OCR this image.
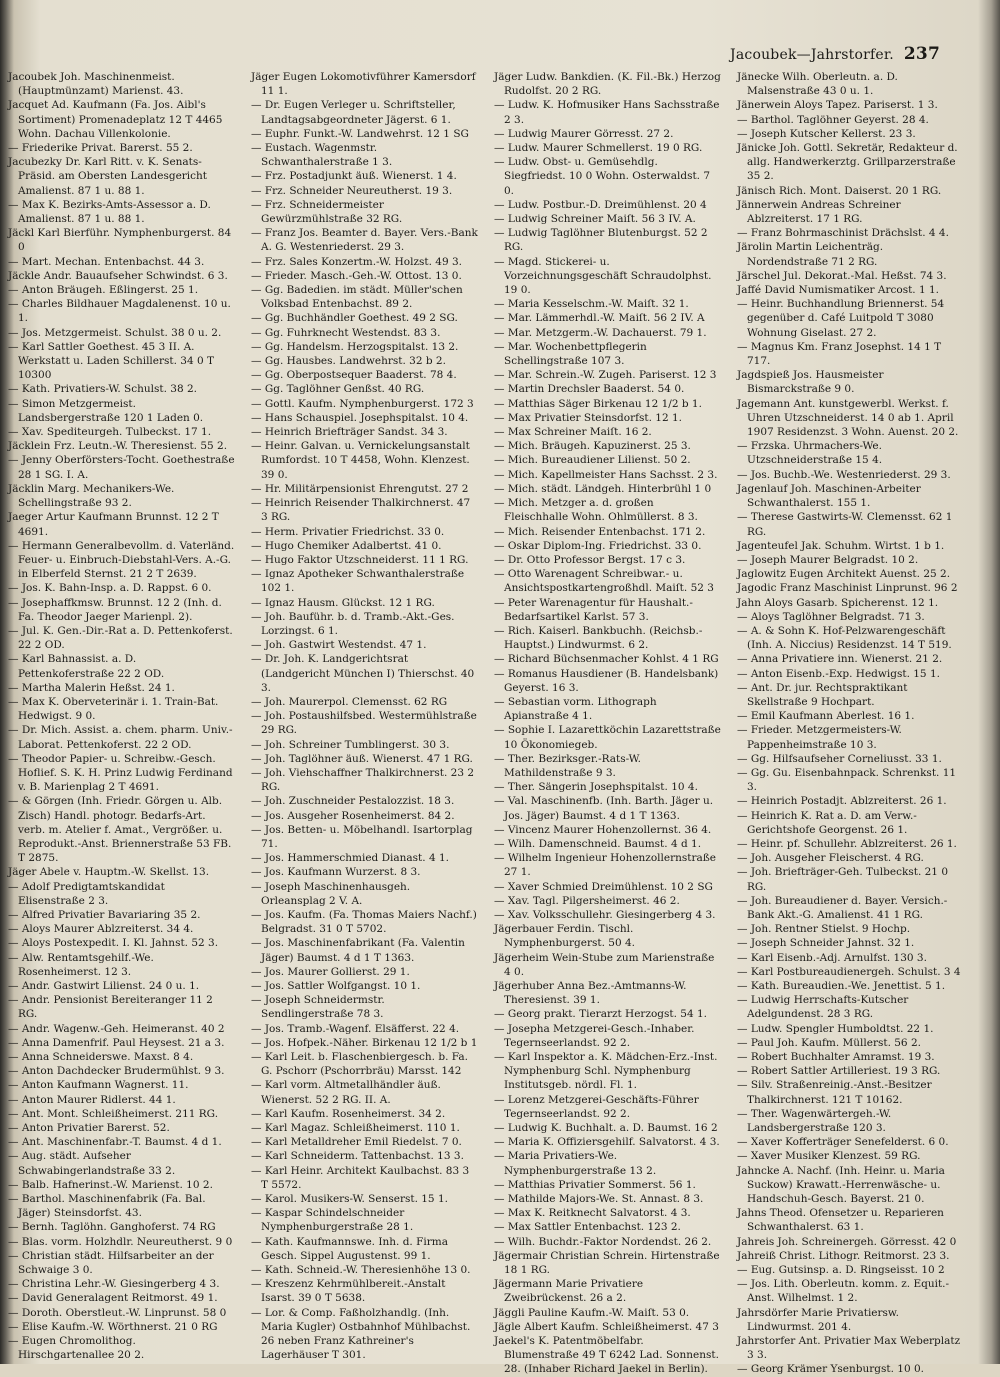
Jacoubek—Jahrstorfer. 237

Jacoubek Joh. Maschinenmeist. (Hauptmünzamt) Marienst. 43.

Jacquet Ad. Kaufmann (Fa. Jos. Aibl's Sortiment) Promenadeplatz 12 T 4465 Wohn. Dachau Villenkolonie.

— Friederike Privat. Barerst. 55 2.

Jacubezky Dr. Karl Ritt. v. K. Senats-Präsid. am Obersten Landesgericht Amalienst. 87 1 u. 88 1.

— Max K. Bezirks-Amts-Assessor a. D. Amalienst. 87 1 u. 88 1.

Jäckl Karl Bierführ. Nymphenburgerst. 84 0

— Mart. Mechan. Entenbachst. 44 3.

Jäckle Andr. Bauaufseher Schwindst. 6 3.

— Anton Bräugeh. Eßlingerst. 25 1.

— Charles Bildhauer Magdalenenst. 10 u. 1.

— Jos. Metzgermeist. Schulst. 38 0 u. 2.

— Karl Sattler Goethest. 45 3 II. A. Werkstatt u. Laden Schillerst. 34 0 T 10300

— Kath. Privatiers-W. Schulst. 38 2.

— Simon Metzgermeist. Landsbergerstraße 120 1 Laden 0.

— Xav. Spediteurgeh. Tulbeckst. 17 1.

Jäcklein Frz. Leutn.-W. Theresienst. 55 2.

— Jenny Oberförsters-Tocht. Goethestraße 28 1 SG. I. A.

Jäcklin Marg. Mechanikers-We. Schellingstraße 93 2.

Jaeger Artur Kaufmann Brunnst. 12 2 T 4691.

— Hermann Generalbevollm. d. Vaterländ. Feuer- u. Einbruch-Diebstahl-Vers. A.-G. in Elberfeld Sternst. 21 2 T 2639.

— Jos. K. Bahn-Insp. a. D. Rappst. 6 0.

— Josephaffkmsw. Brunnst. 12 2 (Inh. d. Fa. Theodor Jaeger Marienpl. 2).

— Jul. K. Gen.-Dir.-Rat a. D. Pettenkoferst. 22 2 OD.

— Karl Bahnassist. a. D. Pettenkoferstraße 22 2 OD.

— Martha Malerin Heßst. 24 1.

— Max K. Oberveterinär i. 1. Train-Bat. Hedwigst. 9 0.

— Dr. Mich. Assist. a. chem. pharm. Univ.-Laborat. Pettenkoferst. 22 2 OD.

— Theodor Papier- u. Schreibw.-Gesch. Hoflief. S. K. H. Prinz Ludwig Ferdinand v. B. Marienplag 2 T 4691.

— & Görgen (Inh. Friedr. Görgen u. Alb. Zisch) Handl. photogr. Bedarfs-Art. verb. m. Atelier f. Amat., Vergrößer. u. Reprodukt.-Anst. Briennerstraße 53 FB. T 2875.

Jäger Abele v. Hauptm.-W. Skellst. 13.

— Adolf Predigtamtskandidat Elisenstraße 2 3.

— Alfred Privatier Bavariaring 35 2.

— Aloys Maurer Ablzreiterst. 34 4.

— Aloys Postexpedit. I. Kl. Jahnst. 52 3.

— Alw. Rentamtsgehilf.-We. Rosenheimerst. 12 3.

— Andr. Gastwirt Lilienst. 24 0 u. 1.

— Andr. Pensionist Bereiteranger 11 2 RG.

— Andr. Wagenw.-Geh. Heimeranst. 40 2

— Anna Damenfrif. Paul Heysest. 21 a 3.

— Anna Schneiderswe. Maxst. 8 4.

— Anton Dachdecker Brudermühlst. 9 3.

— Anton Kaufmann Wagnerst. 11.

— Anton Maurer Ridlerst. 44 1.

— Ant. Mont. Schleißheimerst. 211 RG.

— Anton Privatier Barerst. 52.

— Ant. Maschinenfabr.-T. Baumst. 4 d 1.

— Aug. städt. Aufseher Schwabingerlandstraße 33 2.

— Balb. Hafnerinst.-W. Marienst. 10 2.

— Barthol. Maschinenfabrik (Fa. Bal. Jäger) Steinsdorfst. 43.

— Bernh. Taglöhn. Ganghoferst. 74 RG

— Blas. vorm. Holzhdlr. Neureutherst. 9 0

— Christian städt. Hilfsarbeiter an der Schwaige 3 0.

— Christina Lehr.-W. Giesingerberg 4 3.

— David Generalagent Reitmorst. 49 1.

— Doroth. Oberstleut.-W. Linprunst. 58 0

— Elise Kaufm.-W. Wörthnerst. 21 0 RG

— Eugen Chromolithog. Hirschgartenallee 20 2.

Jäger Eugen Lokomotivführer Kamersdorf 11 1.

— Dr. Eugen Verleger u. Schriftsteller, Landtagsabgeordneter Jägerst. 6 1.

— Euphr. Funkt.-W. Landwehrst. 12 1 SG

— Eustach. Wagenmstr. Schwanthalerstraße 1 3.

— Frz. Postadjunkt äuß. Wienerst. 1 4.

— Frz. Schneider Neureutherst. 19 3.

— Frz. Schneidermeister Gewürzmühlstraße 32 RG.

— Franz Jos. Beamter d. Bayer. Vers.-Bank A. G. Westenriederst. 29 3.

— Frz. Sales Konzertm.-W. Holzst. 49 3.

— Frieder. Masch.-Geh.-W. Ottost. 13 0.

— Gg. Badedien. im städt. Müller'schen Volksbad Entenbachst. 89 2.

— Gg. Buchhändler Goethest. 49 2 SG.

— Gg. Fuhrknecht Westendst. 83 3.

— Gg. Handelsm. Herzogspitalst. 13 2.

— Gg. Hausbes. Landwehrst. 32 b 2.

— Gg. Oberpostsequer Baaderst. 78 4.

— Gg. Taglöhner Genßst. 40 RG.

— Gottl. Kaufm. Nymphenburgerst. 172 3

— Hans Schauspiel. Josephspitalst. 10 4.

— Heinrich Briefträger Sandst. 34 3.

— Heinr. Galvan. u. Vernickelungsanstalt Rumfordst. 10 T 4458, Wohn. Klenzest. 39 0.

— Hr. Militärpensionist Ehrengutst. 27 2

— Heinrich Reisender Thalkirchnerst. 47 3 RG.

— Herm. Privatier Friedrichst. 33 0.

— Hugo Chemiker Adalbertst. 41 0.

— Hugo Faktor Utzschneiderst. 11 1 RG.

— Ignaz Apotheker Schwanthalerstraße 102 1.

— Ignaz Hausm. Glückst. 12 1 RG.

— Joh. Bauführ. b. d. Tramb.-Akt.-Ges. Lorzingst. 6 1.

— Joh. Gastwirt Westendst. 47 1.

— Dr. Joh. K. Landgerichtsrat (Landgericht München I) Thierschst. 40 3.

— Joh. Maurerpol. Clemensst. 62 RG

— Joh. Postaushilfsbed. Westermühlstraße 29 RG.

— Joh. Schreiner Tumblingerst. 30 3.

— Joh. Taglöhner äuß. Wienerst. 47 1 RG.

— Joh. Viehschaffner Thalkirchnerst. 23 2 RG.

— Joh. Zuschneider Pestalozzist. 18 3.

— Jos. Ausgeher Rosenheimerst. 84 2.

— Jos. Betten- u. Möbelhandl. Isartorplag 71.

— Jos. Hammerschmied Dianast. 4 1.

— Jos. Kaufmann Wurzerst. 8 3.

— Joseph Maschinenhausgeh. Orleansplag 2 V. A.

— Jos. Kaufm. (Fa. Thomas Maiers Nachf.) Belgradst. 31 0 T 5702.

— Jos. Maschinenfabrikant (Fa. Valentin Jäger) Baumst. 4 d 1 T 1363.

— Jos. Maurer Gollierst. 29 1.

— Jos. Sattler Wolfgangst. 10 1.

— Joseph Schneidermstr. Sendlingerstraße 78 3.

— Jos. Tramb.-Wagenf. Elsäfferst. 22 4.

— Jos. Hofpek.-Näher. Birkenau 12 1/2 b 1

— Karl Leit. b. Flaschenbiergesch. b. Fa. G. Pschorr (Pschorrbräu) Marsst. 142

— Karl vorm. Altmetallhändler äuß. Wienerst. 52 2 RG. II. A.

— Karl Kaufm. Rosenheimerst. 34 2.

— Karl Magaz. Schleißheimerst. 110 1.

— Karl Metalldreher Emil Riedelst. 7 0.

— Karl Schneiderm. Tattenbachst. 13 3.

— Karl Heinr. Architekt Kaulbachst. 83 3 T 5572.

— Karol. Musikers-W. Senserst. 15 1.

— Kaspar Schindelschneider Nymphenburgerstraße 28 1.

— Kath. Kaufmannswe. Inh. d. Firma Gesch. Sippel Augustenst. 99 1.

— Kath. Schneid.-W. Theresienhöhe 13 0.

— Kreszenz Kehrmühlbereit.-Anstalt Isarst. 39 0 T 5638.

— Lor. & Comp. Faßholzhandlg. (Inh. Maria Kugler) Ostbahnhof Mühlbachst. 26 neben Franz Kathreiner's Lagerhäuser T 301.

Jäger Ludw. Bankdien. (K. Fil.-Bk.) Herzog Rudolfst. 20 2 RG.

— Ludw. K. Hofmusiker Hans Sachsstraße 2 3.

— Ludwig Maurer Görresst. 27 2.

— Ludw. Maurer Schmellerst. 19 0 RG.

— Ludw. Obst- u. Gemüsehdlg. Siegfriedst. 10 0 Wohn. Osterwaldst. 7 0.

— Ludw. Postbur.-D. Dreimühlenst. 20 4

— Ludwig Schreiner Maiſt. 56 3 IV. A.

— Ludwig Taglöhner Blutenburgst. 52 2 RG.

— Magd. Stickerei- u. Vorzeichnungsgeschäft Schraudolphst. 19 0.

— Maria Kesselschm.-W. Maiſt. 32 1.

— Mar. Lämmerhdl.-W. Maiſt. 56 2 IV. A

— Mar. Metzgerm.-W. Dachauerst. 79 1.

— Mar. Wochenbettpflegerin Schellingstraße 107 3.

— Mar. Schrein.-W. Zugeh. Pariserst. 12 3

— Martin Drechsler Baaderst. 54 0.

— Matthias Säger Birkenau 12 1/2 b 1.

— Max Privatier Steinsdorfst. 12 1.

— Max Schreiner Maiſt. 16 2.

— Mich. Bräugeh. Kapuzinerst. 25 3.

— Mich. Bureaudiener Lilienst. 50 2.

— Mich. Kapellmeister Hans Sachsst. 2 3.

— Mich. städt. Ländgeh. Hinterbrühl 1 0

— Mich. Metzger a. d. großen Fleischhalle Wohn. Ohlmüllerst. 8 3.

— Mich. Reisender Entenbachst. 171 2.

— Oskar Diplom-Ing. Friedrichst. 33 0.

— Dr. Otto Professor Bergst. 17 c 3.

— Otto Warenagent Schreibwar.- u. Ansichtspostkartengroßhdl. Maiſt. 52 3

— Peter Warenagentur für Haushalt.-Bedarfsartikel Karlst. 57 3.

— Rich. Kaiserl. Bankbuchh. (Reichsb.-Hauptst.) Lindwurmst. 6 2.

— Richard Büchsenmacher Kohlst. 4 1 RG

— Romanus Hausdiener (B. Handelsbank) Geyerst. 16 3.

— Sebastian vorm. Lithograph Apianstraße 4 1.

— Sophie I. Lazarettköchin Lazarettstraße 10 Ökonomiegeb.

— Ther. Bezirksger.-Rats-W. Mathildenstraße 9 3.

— Ther. Sängerin Josephspitalst. 10 4.

— Val. Maschinenfb. (Inh. Barth. Jäger u. Jos. Jäger) Baumst. 4 d 1 T 1363.

— Vincenz Maurer Hohenzollernst. 36 4.

— Wilh. Damenschneid. Baumst. 4 d 1.

— Wilhelm Ingenieur Hohenzollernstraße 27 1.

— Xaver Schmied Dreimühlenst. 10 2 SG

— Xav. Tagl. Pilgersheimerst. 46 2.

— Xav. Volksschullehr. Giesingerberg 4 3.

Jägerbauer Ferdin. Tischl. Nymphenburgerst. 50 4.

Jägerheim Wein-Stube zum Marienstraße 4 0.

Jägerhuber Anna Bez.-Amtmanns-W. Theresienst. 39 1.

— Georg prakt. Tierarzt Herzogst. 54 1.

— Josepha Metzgerei-Gesch.-Inhaber. Tegernseerlandst. 92 2.

— Karl Inspektor a. K. Mädchen-Erz.-Inst. Nymphenburg Schl. Nymphenburg Institutsgeb. nördl. Fl. 1.

— Lorenz Metzgerei-Geschäfts-Führer Tegernseerlandst. 92 2.

— Ludwig K. Buchhalt. a. D. Baumst. 16 2

— Maria K. Offiziersgehilf. Salvatorst. 4 3.

— Maria Privatiers-We. Nymphenburgerstraße 13 2.

— Matthias Privatier Sommerst. 56 1.

— Mathilde Majors-We. St. Annast. 8 3.

— Max K. Reitknecht Salvatorst. 4 3.

— Max Sattler Entenbachst. 123 2.

— Wilh. Buchdr.-Faktor Nordendst. 26 2.

Jägermair Christian Schrein. Hirtenstraße 18 1 RG.

Jägermann Marie Privatiere Zweibrückenst. 26 a 2.

Jäggli Pauline Kaufm.-W. Maiſt. 53 0.

Jägle Albert Kaufm. Schleißheimerst. 47 3

Jaekel's K. Patentmöbelfabr. Blumenstraße 49 T 6242 Lad. Sonnenst. 28. (Inhaber Richard Jaekel in Berlin).

Jänecke Wilh. Oberleutn. a. D. Malsenstraße 43 0 u. 1.

Jänerwein Aloys Tapez. Pariserst. 1 3.

— Barthol. Taglöhner Geyerst. 28 4.

— Joseph Kutscher Kellerst. 23 3.

Jänicke Joh. Gottl. Sekretär, Redakteur d. allg. Handwerkerztg. Grillparzerstraße 35 2.

Jänisch Rich. Mont. Daiserst. 20 1 RG.

Jännerwein Andreas Schreiner Ablzreiterst. 17 1 RG.

— Franz Bohrmaschinist Drächslst. 4 4.

Järolin Martin Leichenträg. Nordendstraße 71 2 RG.

Järschel Jul. Dekorat.-Mal. Heßst. 74 3.

Jaffé David Numismatiker Arcost. 1 1.

— Heinr. Buchhandlung Briennerst. 54 gegenüber d. Café Luitpold T 3080 Wohnung Giselast. 27 2.

— Magnus Km. Franz Josephst. 14 1 T 717.

Jagdspieß Jos. Hausmeister Bismarckstraße 9 0.

Jagemann Ant. kunstgewerbl. Werkst. f. Uhren Utzschneiderst. 14 0 ab 1. April 1907 Residenzst. 3 Wohn. Auenst. 20 2.

— Frzska. Uhrmachers-We. Utzschneiderstraße 15 4.

— Jos. Buchb.-We. Westenriederst. 29 3.

Jagenlauf Joh. Maschinen-Arbeiter Schwanthalerst. 155 1.

— Therese Gastwirts-W. Clemensst. 62 1 RG.

Jagenteufel Jak. Schuhm. Wirtst. 1 b 1.

— Joseph Maurer Belgradst. 10 2.

Jaglowitz Eugen Architekt Auenst. 25 2.

Jagodic Franz Maschinist Linprunst. 96 2

Jahn Aloys Gasarb. Spicherenst. 12 1.

— Aloys Taglöhner Belgradst. 71 3.

— A. & Sohn K. Hof-Pelzwarengeschäft (Inh. A. Niccius) Residenzst. 14 T 519.

— Anna Privatiere inn. Wienerst. 21 2.

— Anton Eisenb.-Exp. Hedwigst. 15 1.

— Ant. Dr. jur. Rechtspraktikant Skellstraße 9 Hochpart.

— Emil Kaufmann Aberlest. 16 1.

— Frieder. Metzgermeisters-W. Pappenheimstraße 10 3.

— Gg. Hilfsaufseher Corneliusst. 33 1.

— Gg. Gu. Eisenbahnpack. Schrenkst. 11 3.

— Heinrich Postadjt. Ablzreiterst. 26 1.

— Heinrich K. Rat a. D. am Verw.-Gerichtshofe Georgenst. 26 1.

— Heinr. pf. Schullehr. Ablzreiterst. 26 1.

— Joh. Ausgeher Fleischerst. 4 RG.

— Joh. Briefträger-Geh. Tulbeckst. 21 0 RG.

— Joh. Bureaudiener d. Bayer. Versich.-Bank Akt.-G. Amalienst. 41 1 RG.

— Joh. Rentner Stielst. 9 Hochp.

— Joseph Schneider Jahnst. 32 1.

— Karl Eisenb.-Adj. Arnulfst. 130 3.

— Karl Postbureaudienergeh. Schulst. 3 4

— Kath. Bureaudien.-We. Jenettist. 5 1.

— Ludwig Herrschafts-Kutscher Adelgundenst. 28 3 RG.

— Ludw. Spengler Humboldtst. 22 1.

— Paul Joh. Kaufm. Müllerst. 56 2.

— Robert Buchhalter Amramst. 19 3.

— Robert Sattler Artilleriest. 19 3 RG.

— Silv. Straßenreinig.-Anst.-Besitzer Thalkirchnerst. 121 T 10162.

— Ther. Wagenwärtergeh.-W. Landsbergerstraße 120 3.

— Xaver Kofferträger Senefelderst. 6 0.

— Xaver Musiker Klenzest. 59 RG.

Jahncke A. Nachf. (Inh. Heinr. u. Maria Suckow) Krawatt.-Herrenwäsche- u. Handschuh-Gesch. Bayerst. 21 0.

Jahns Theod. Ofensetzer u. Reparieren Schwanthalerst. 63 1.

Jahreis Joh. Schreinergeh. Görresst. 42 0

Jahreiß Christ. Lithogr. Reitmorst. 23 3.

— Eug. Gutsinsp. a. D. Ringseisst. 10 2

— Jos. Lith. Oberleutn. komm. z. Equit.-Anst. Wilhelmst. 1 2.

Jahrsdörfer Marie Privatiersw. Lindwurmst. 201 4.

Jahrstorfer Ant. Privatier Max Weberplatz 3 3.

— Georg Krämer Ysenburgst. 10 0.
